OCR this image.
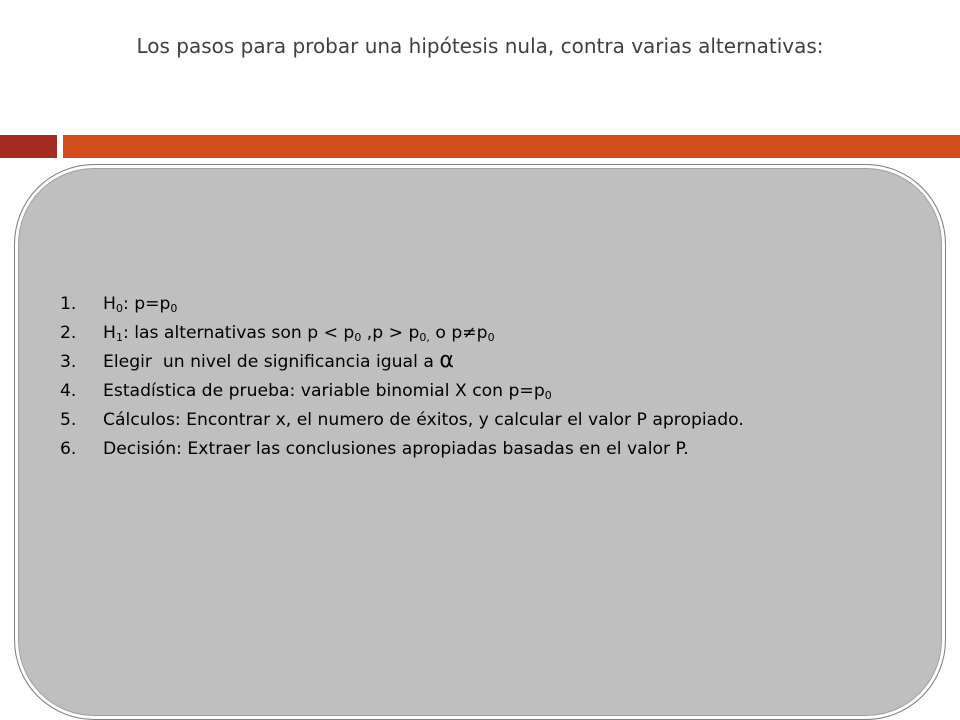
Los pasos para probar una hipótesis nula, contra varias alternativas:
1.	$H_0$: $p=p_0$
2.	$H_1$: las alternativas son $p < p_0$ $,p > p_{0,}$ o $p\ne p_0$
3.	Elegir  un nivel de significancia igual a α
4.	Estadística de prueba: variable binomial X con $p=p_0$
5.	Cálculos: Encontrar x, el numero de éxitos, y calcular el valor P apropiado.
6.	Decisión: Extraer las conclusiones apropiadas basadas en el valor P.
